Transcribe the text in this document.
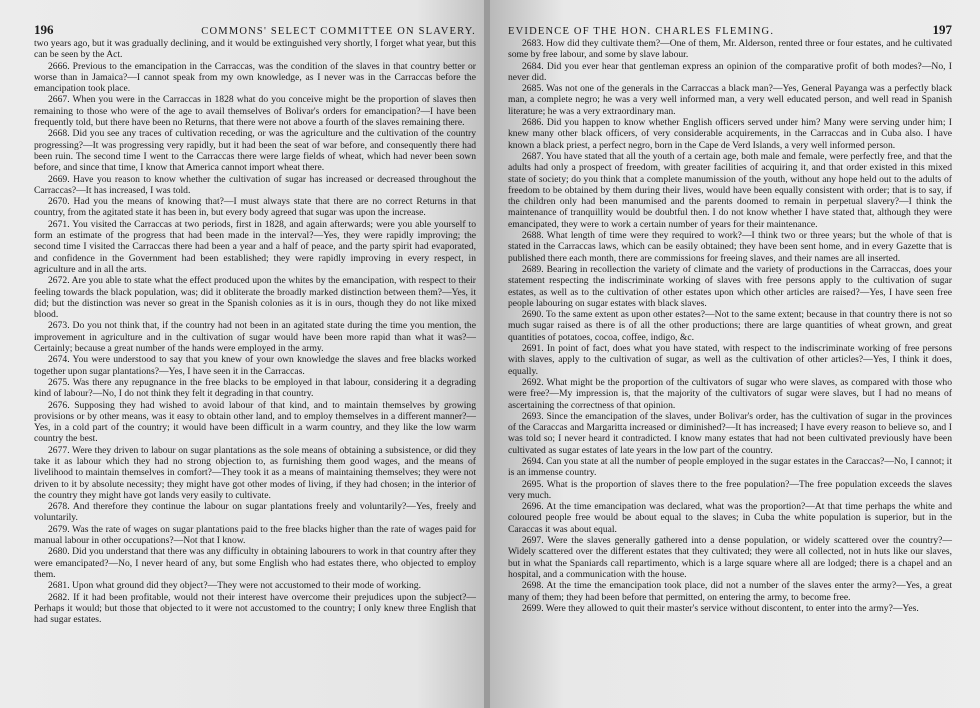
196	COMMONS' SELECT COMMITTEE ON SLAVERY.

two years ago, but it was gradually declining, and it would be extinguished very shortly, I forget what year, but this can be seen by the Act.

2666. Previous to the emancipation in the Carraccas, was the condition of the slaves in that country better or worse than in Jamaica?—I cannot speak from my own knowledge, as I never was in the Carraccas before the emancipation took place.

2667. When you were in the Carraccas in 1828 what do you conceive might be the proportion of slaves then remaining to those who were of the age to avail themselves of Bolivar's orders for emancipation?—I have been frequently told, but there have been no Returns, that there were not above a fourth of the slaves remaining there.

2668. Did you see any traces of cultivation receding, or was the agriculture and the cultivation of the country progressing?—It was progressing very rapidly, but it had been the seat of war before, and consequently there had been ruin. The second time I went to the Carraccas there were large fields of wheat, which had never been sown before, and since that time, I know that America cannot import wheat there.

2669. Have you reason to know whether the cultivation of sugar has increased or decreased throughout the Carraccas?—It has increased, I was told.

2670. Had you the means of knowing that?—I must always state that there are no correct Returns in that country, from the agitated state it has been in, but every body agreed that sugar was upon the increase.

2671. You visited the Carraccas at two periods, first in 1828, and again afterwards; were you able yourself to form an estimate of the progress that had been made in the interval?—Yes, they were rapidly improving; the second time I visited the Carraccas there had been a year and a half of peace, and the party spirit had evaporated, and confidence in the Government had been established; they were rapidly improving in every respect, in agriculture and in all the arts.

2672. Are you able to state what the effect produced upon the whites by the emancipation, with respect to their feeling towards the black population, was; did it obliterate the broadly marked distinction between them?—Yes, it did; but the distinction was never so great in the Spanish colonies as it is in ours, though they do not like mixed blood.

2673. Do you not think that, if the country had not been in an agitated state during the time you mention, the improvement in agriculture and in the cultivation of sugar would have been more rapid than what it was?—Certainly; because a great number of the hands were employed in the army.

2674. You were understood to say that you knew of your own knowledge the slaves and free blacks worked together upon sugar plantations?—Yes, I have seen it in the Carraccas.

2675. Was there any repugnance in the free blacks to be employed in that labour, considering it a degrading kind of labour?—No, I do not think they felt it degrading in that country.

2676. Supposing they had wished to avoid labour of that kind, and to maintain themselves by growing provisions or by other means, was it easy to obtain other land, and to employ themselves in a different manner?—Yes, in a cold part of the country; it would have been difficult in a warm country, and they like the low warm country the best.

2677. Were they driven to labour on sugar plantations as the sole means of obtaining a subsistence, or did they take it as labour which they had no strong objection to, as furnishing them good wages, and the means of livelihood to maintain themselves in comfort?—They took it as a means of maintaining themselves; they were not driven to it by absolute necessity; they might have got other modes of living, if they had chosen; in the interior of the country they might have got lands very easily to cultivate.

2678. And therefore they continue the labour on sugar plantations freely and voluntarily?—Yes, freely and voluntarily.

2679. Was the rate of wages on sugar plantations paid to the free blacks higher than the rate of wages paid for manual labour in other occupations?—Not that I know.

2680. Did you understand that there was any difficulty in obtaining labourers to work in that country after they were emancipated?—No, I never heard of any, but some English who had estates there, who objected to employ them.

2681. Upon what ground did they object?—They were not accustomed to their mode of working.

2682. If it had been profitable, would not their interest have overcome their prejudices upon the subject?—Perhaps it would; but those that objected to it were not accustomed to the country; I only knew three English that had sugar estates.

EVIDENCE OF THE HON. CHARLES FLEMING.	197

2683. How did they cultivate them?—One of them, Mr. Alderson, rented three or four estates, and he cultivated some by free labour, and some by slave labour.

2684. Did you ever hear that gentleman express an opinion of the comparative profit of both modes?—No, I never did.

2685. Was not one of the generals in the Carraccas a black man?—Yes, General Payanga was a perfectly black man, a complete negro; he was a very well informed man, a very well educated person, and well read in Spanish literature; he was a very extraordinary man.

2686. Did you happen to know whether English officers served under him? Many were serving under him; I knew many other black officers, of very considerable acquirements, in the Carraccas and in Cuba also. I have known a black priest, a perfect negro, born in the Cape de Verd Islands, a very well informed person.

2687. You have stated that all the youth of a certain age, both male and female, were perfectly free, and that the adults had only a prospect of freedom, with greater facilities of acquiring it, and that order existed in this mixed state of society; do you think that a complete manumission of the youth, without any hope held out to the adults of freedom to be obtained by them during their lives, would have been equally consistent with order; that is to say, if the children only had been manumised and the parents doomed to remain in perpetual slavery?—I think the maintenance of tranquillity would be doubtful then. I do not know whether I have stated that, although they were emancipated, they were to work a certain number of years for their maintenance.

2688. What length of time were they required to work?—I think two or three years; but the whole of that is stated in the Carraccas laws, which can be easily obtained; they have been sent home, and in every Gazette that is published there each month, there are commissions for freeing slaves, and their names are all inserted.

2689. Bearing in recollection the variety of climate and the variety of productions in the Carraccas, does your statement respecting the indiscriminate working of slaves with free persons apply to the cultivation of sugar estates, as well as to the cultivation of other estates upon which other articles are raised?—Yes, I have seen free people labouring on sugar estates with black slaves.

2690. To the same extent as upon other estates?—Not to the same extent; because in that country there is not so much sugar raised as there is of all the other productions; there are large quantities of wheat grown, and great quantities of potatoes, cocoa, coffee, indigo, &c.

2691. In point of fact, does what you have stated, with respect to the indiscriminate working of free persons with slaves, apply to the cultivation of sugar, as well as the cultivation of other articles?—Yes, I think it does, equally.

2692. What might be the proportion of the cultivators of sugar who were slaves, as compared with those who were free?—My impression is, that the majority of the cultivators of sugar were slaves, but I had no means of ascertaining the correctness of that opinion.

2693. Since the emancipation of the slaves, under Bolivar's order, has the cultivation of sugar in the provinces of the Caraccas and Margaritta increased or diminished?—It has increased; I have every reason to believe so, and I was told so; I never heard it contradicted. I know many estates that had not been cultivated previously have been cultivated as sugar estates of late years in the low part of the country.

2694. Can you state at all the number of people employed in the sugar estates in the Caraccas?—No, I cannot; it is an immense country.

2695. What is the proportion of slaves there to the free population?—The free population exceeds the slaves very much.

2696. At the time emancipation was declared, what was the proportion?—At that time perhaps the white and coloured people free would be about equal to the slaves; in Cuba the white population is superior, but in the Caraccas it was about equal.

2697. Were the slaves generally gathered into a dense population, or widely scattered over the country?—Widely scattered over the different estates that they cultivated; they were all collected, not in huts like our slaves, but in what the Spaniards call repartimento, which is a large square where all are lodged; there is a chapel and an hospital, and a communication with the house.

2698. At the time the emancipation took place, did not a number of the slaves enter the army?—Yes, a great many of them; they had been before that permitted, on entering the army, to become free.

2699. Were they allowed to quit their master's service without discontent, to enter into the army?—Yes.
